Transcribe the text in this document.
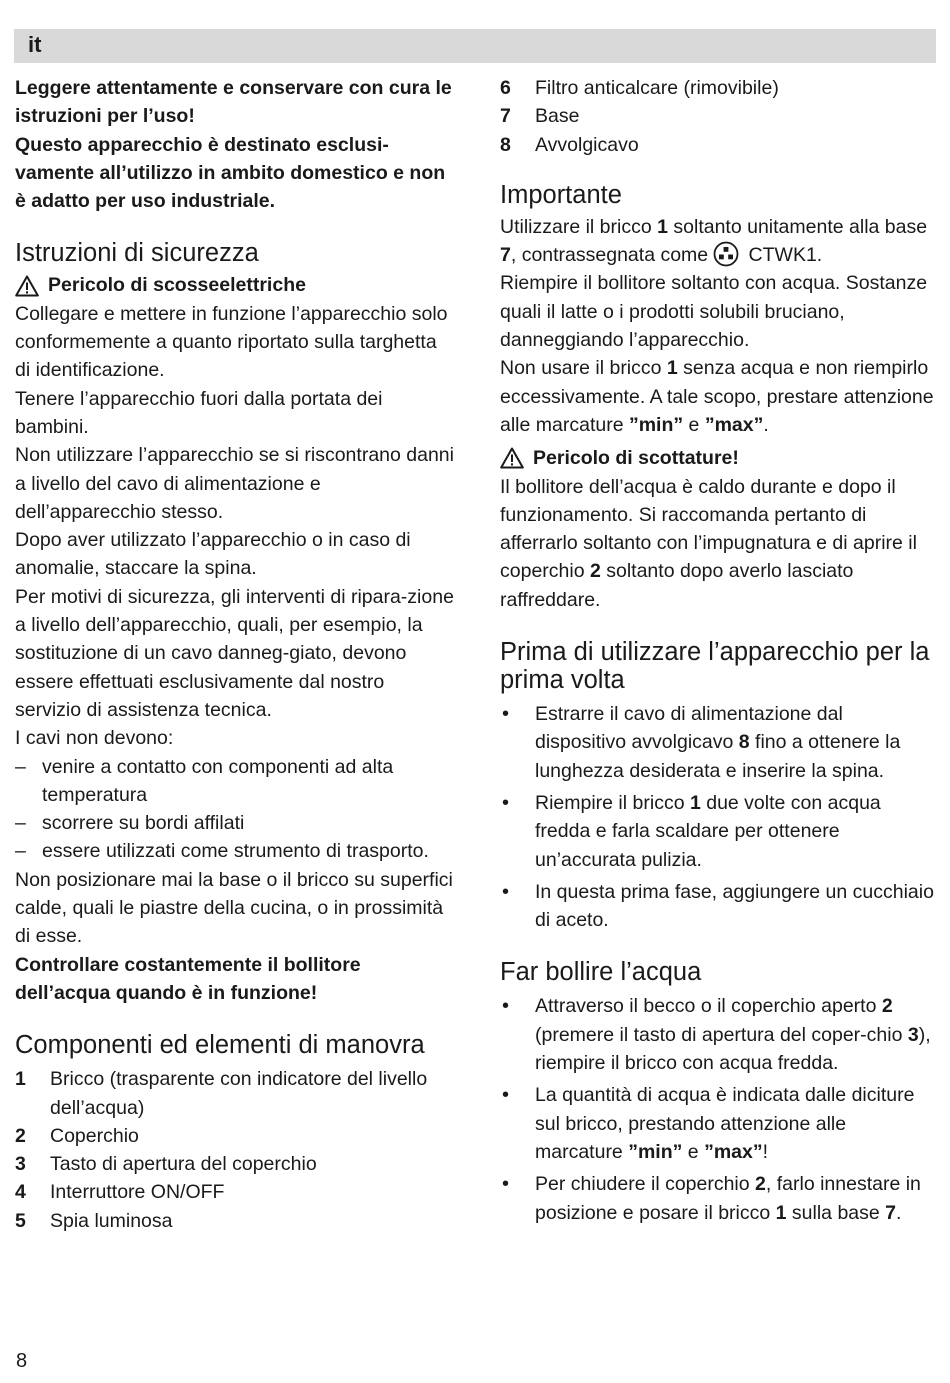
it

Leggere attentamente e conservare con cura le istruzioni per l’uso!

Questo apparecchio è destinato esclusi-vamente all’utilizzo in ambito domestico e non è adatto per uso industriale.

Istruzioni di sicurezza
Pericolo di scosseelettriche

Collegare e mettere in funzione l’apparecchio solo conformemente a quanto riportato sulla targhetta di identificazione.

Tenere l’apparecchio fuori dalla portata dei bambini.

Non utilizzare l’apparecchio se si riscontrano danni a livello del cavo di alimentazione e dell’apparecchio stesso.

Dopo aver utilizzato l’apparecchio o in caso di anomalie, staccare la spina.

Per motivi di sicurezza, gli interventi di ripara-zione a livello dell’apparecchio, quali, per esempio, la sostituzione di un cavo danneg-giato, devono essere effettuati esclusivamente dal nostro servizio di assistenza tecnica.

I cavi non devono:

– venire a contatto con componenti ad alta temperatura
– scorrere su bordi affilati
– essere utilizzati come strumento di trasporto.

Non posizionare mai la base o il bricco su superfici calde, quali le piastre della cucina, o in prossimità di esse.

Controllare costantemente il bollitore dell’acqua quando è in funzione!

Componenti ed elementi di manovra
1 Bricco (trasparente con indicatore del livello dell’acqua)
2 Coperchio
3 Tasto di apertura del coperchio
4 Interruttore ON/OFF
5 Spia luminosa
6 Filtro anticalcare (rimovibile)
7 Base
8 Avvolgicavo
Importante

Utilizzare il bricco 1 soltanto unitamente alla base 7, contrassegnata come CTWK1.

Riempire il bollitore soltanto con acqua. Sostanze quali il latte o i prodotti solubili bruciano, danneggiando l’apparecchio.

Non usare il bricco 1 senza acqua e non riempirlo eccessivamente. A tale scopo, prestare attenzione alle marcature ”min” e ”max”.

Pericolo di scottature!

Il bollitore dell’acqua è caldo durante e dopo il funzionamento. Si raccomanda pertanto di afferrarlo soltanto con l’impugnatura e di aprire il coperchio 2 soltanto dopo averlo lasciato raffreddare.

Prima di utilizzare l’apparecchio per la prima volta
• Estrarre il cavo di alimentazione dal dispositivo avvolgicavo 8 fino a ottenere la lunghezza desiderata e inserire la spina.
• Riempire il bricco 1 due volte con acqua fredda e farla scaldare per ottenere un’accurata pulizia.
• In questa prima fase, aggiungere un cucchiaio di aceto.
Far bollire l’acqua
• Attraverso il becco o il coperchio aperto 2 (premere il tasto di apertura del coper-chio 3), riempire il bricco con acqua fredda.
• La quantità di acqua è indicata dalle diciture sul bricco, prestando attenzione alle marcature ”min” e ”max”!
• Per chiudere il coperchio 2, farlo innestare in posizione e posare il bricco 1 sulla base 7.
8
